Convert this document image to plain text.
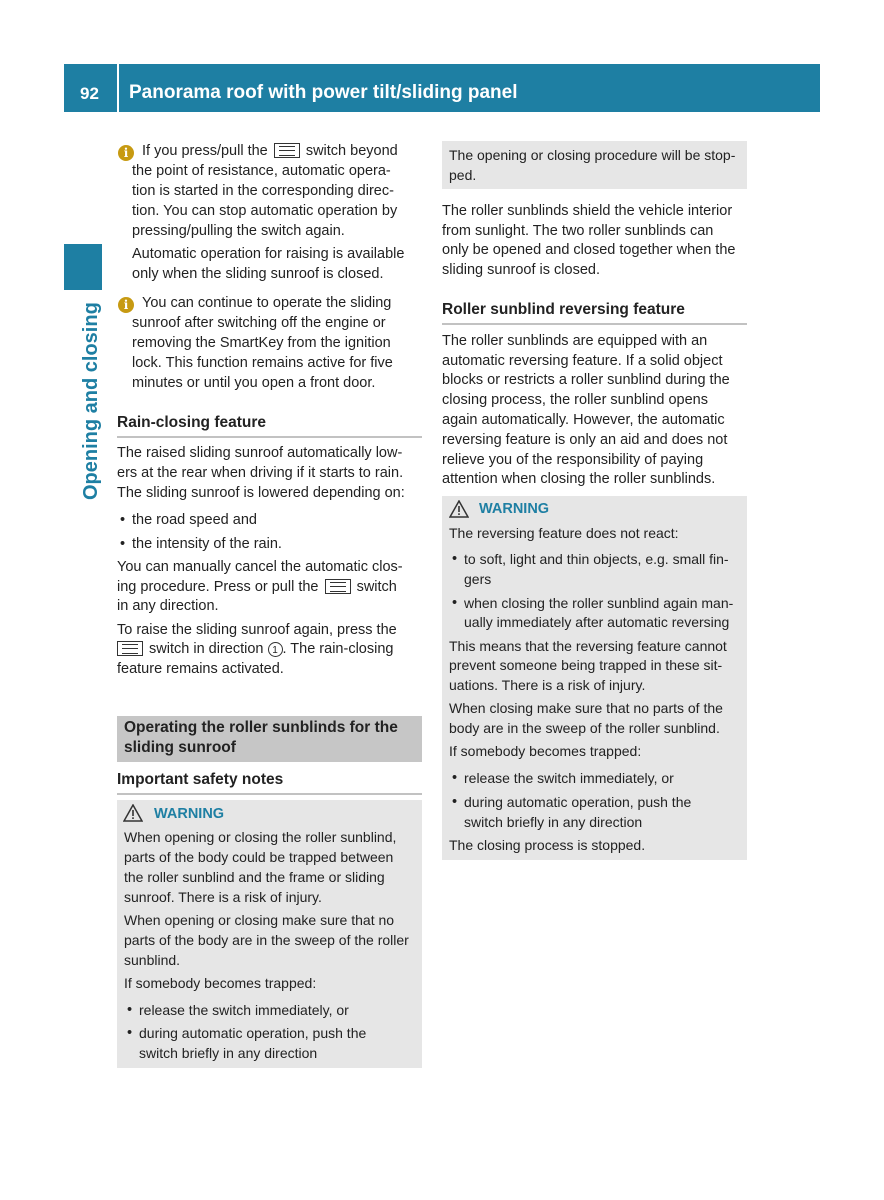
92	Panorama roof with power tilt/sliding panel
Opening and closing
i If you press/pull the	switch beyond
the point of resistance, automatic opera-
tion is started in the corresponding direc-
tion. You can stop automatic operation by
pressing/pulling the switch again.
Automatic operation for raising is available
only when the sliding sunroof is closed.
i You can continue to operate the sliding
sunroof after switching off the engine or
removing the SmartKey from the ignition
lock. This function remains active for five
minutes or until you open a front door.
Rain-closing feature
The raised sliding sunroof automatically low-
ers at the rear when driving if it starts to rain.
The sliding sunroof is lowered depending on:
• the road speed and
• the intensity of the rain.
You can manually cancel the automatic clos-
ing procedure. Press or pull the	switch
in any direction.
To raise the sliding sunroof again, press the
switch in direction 1 . The rain-closing
feature remains activated.
Operating the roller sunblinds for the
sliding sunroof
Important safety notes
WARNING
When opening or closing the roller sunblind,
parts of the body could be trapped between
the roller sunblind and the frame or sliding
sunroof. There is a risk of injury.
When opening or closing make sure that no
parts of the body are in the sweep of the roller
sunblind.
If somebody becomes trapped:
• release the switch immediately, or
• during automatic operation, push the
switch briefly in any direction
The opening or closing procedure will be stop-
ped.
The roller sunblinds shield the vehicle interior
from sunlight. The two roller sunblinds can
only be opened and closed together when the
sliding sunroof is closed.
Roller sunblind reversing feature
The roller sunblinds are equipped with an
automatic reversing feature. If a solid object
blocks or restricts a roller sunblind during the
closing process, the roller sunblind opens
again automatically. However, the automatic
reversing feature is only an aid and does not
relieve you of the responsibility of paying
attention when closing the roller sunblinds.
WARNING
The reversing feature does not react:
• to soft, light and thin objects, e.g. small fin-
gers
• when closing the roller sunblind again man-
ually immediately after automatic reversing
This means that the reversing feature cannot
prevent someone being trapped in these sit-
uations. There is a risk of injury.
When closing make sure that no parts of the
body are in the sweep of the roller sunblind.
If somebody becomes trapped:
• release the switch immediately, or
• during automatic operation, push the
switch briefly in any direction
The closing process is stopped.
